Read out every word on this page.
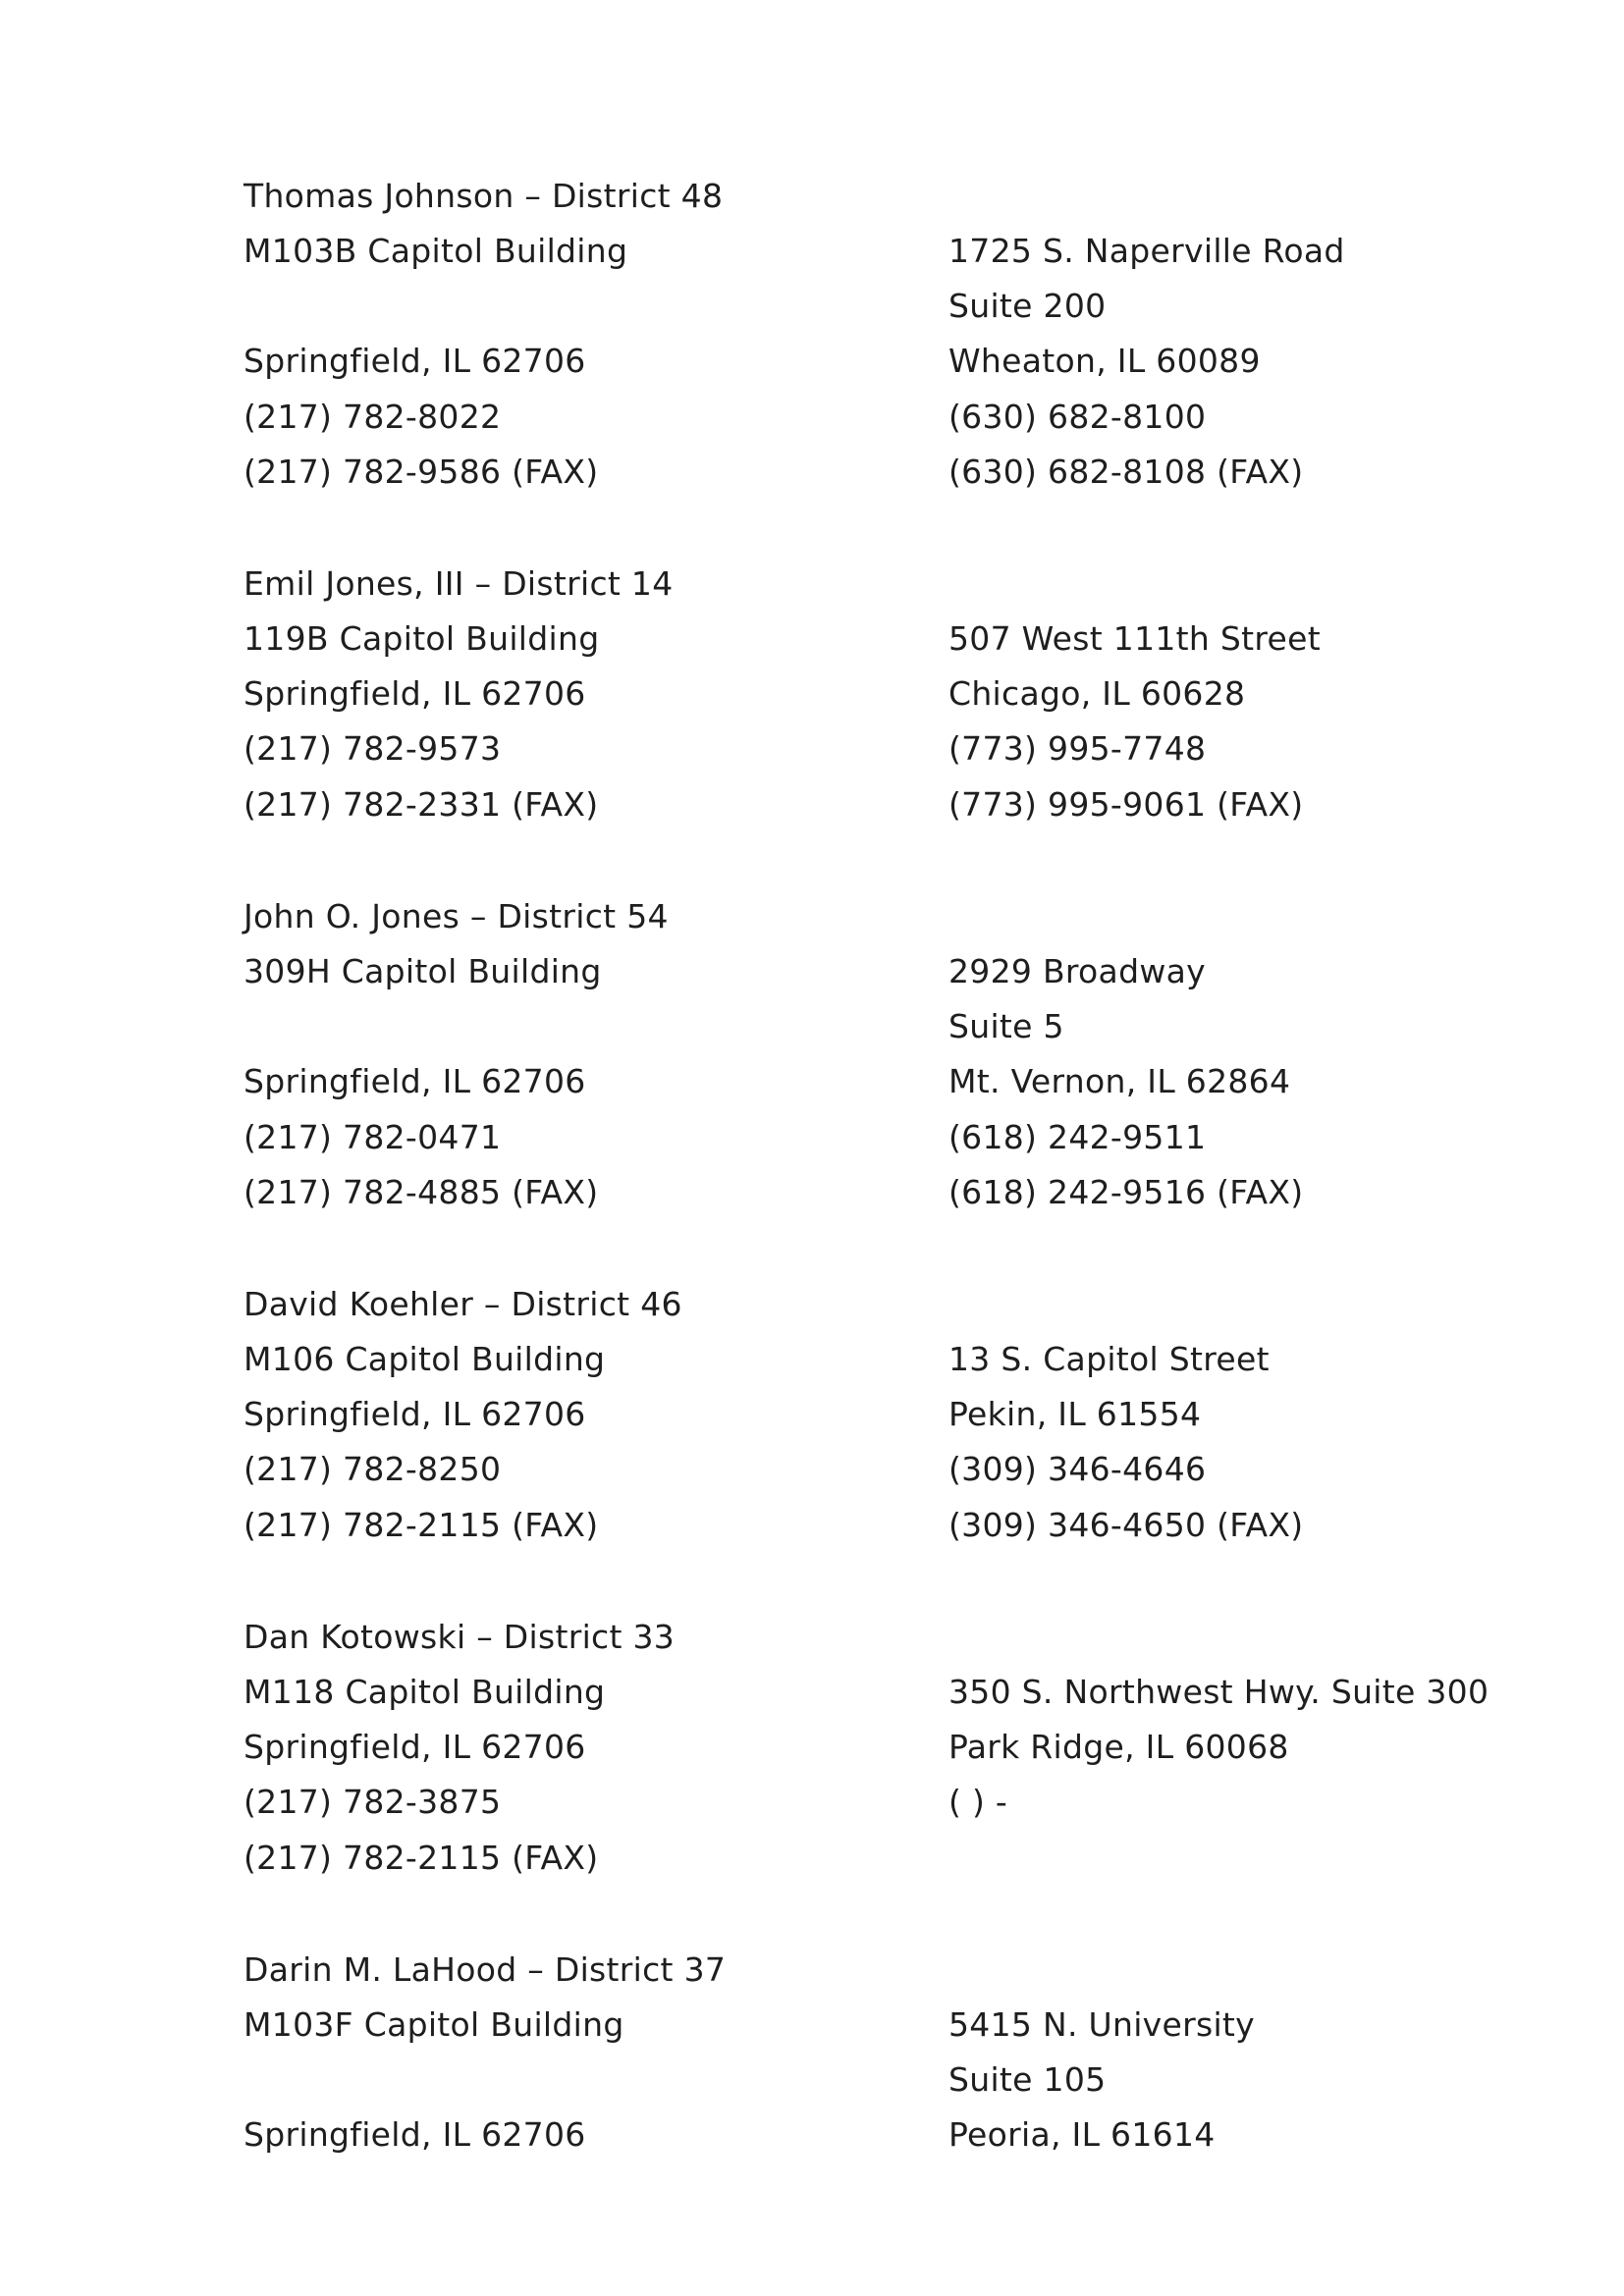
Thomas Johnson – District 48
M103B Capitol Building
Springfield, IL 62706
(217) 782-8022
(217) 782-9586 (FAX)
1725 S. Naperville Road
Suite 200
Wheaton, IL 60089
(630) 682-8100
(630) 682-8108 (FAX)
Emil Jones, III – District 14
119B Capitol Building
Springfield, IL 62706
(217) 782-9573
(217) 782-2331 (FAX)
507 West 111th Street
Chicago, IL 60628
(773) 995-7748
(773) 995-9061 (FAX)
John O. Jones – District 54
309H Capitol Building
Springfield, IL 62706
(217) 782-0471
(217) 782-4885 (FAX)
2929 Broadway
Suite 5
Mt. Vernon, IL 62864
(618) 242-9511
(618) 242-9516 (FAX)
David Koehler – District 46
M106 Capitol Building
Springfield, IL 62706
(217) 782-8250
(217) 782-2115 (FAX)
13 S. Capitol Street
Pekin, IL 61554
(309) 346-4646
(309) 346-4650 (FAX)
Dan Kotowski – District 33
M118 Capitol Building
Springfield, IL 62706
(217) 782-3875
(217) 782-2115 (FAX)
350 S. Northwest Hwy. Suite 300
Park Ridge, IL 60068
( ) -
Darin M. LaHood – District 37
M103F Capitol Building
Springfield, IL 62706
5415 N. University
Suite 105
Peoria, IL 61614
